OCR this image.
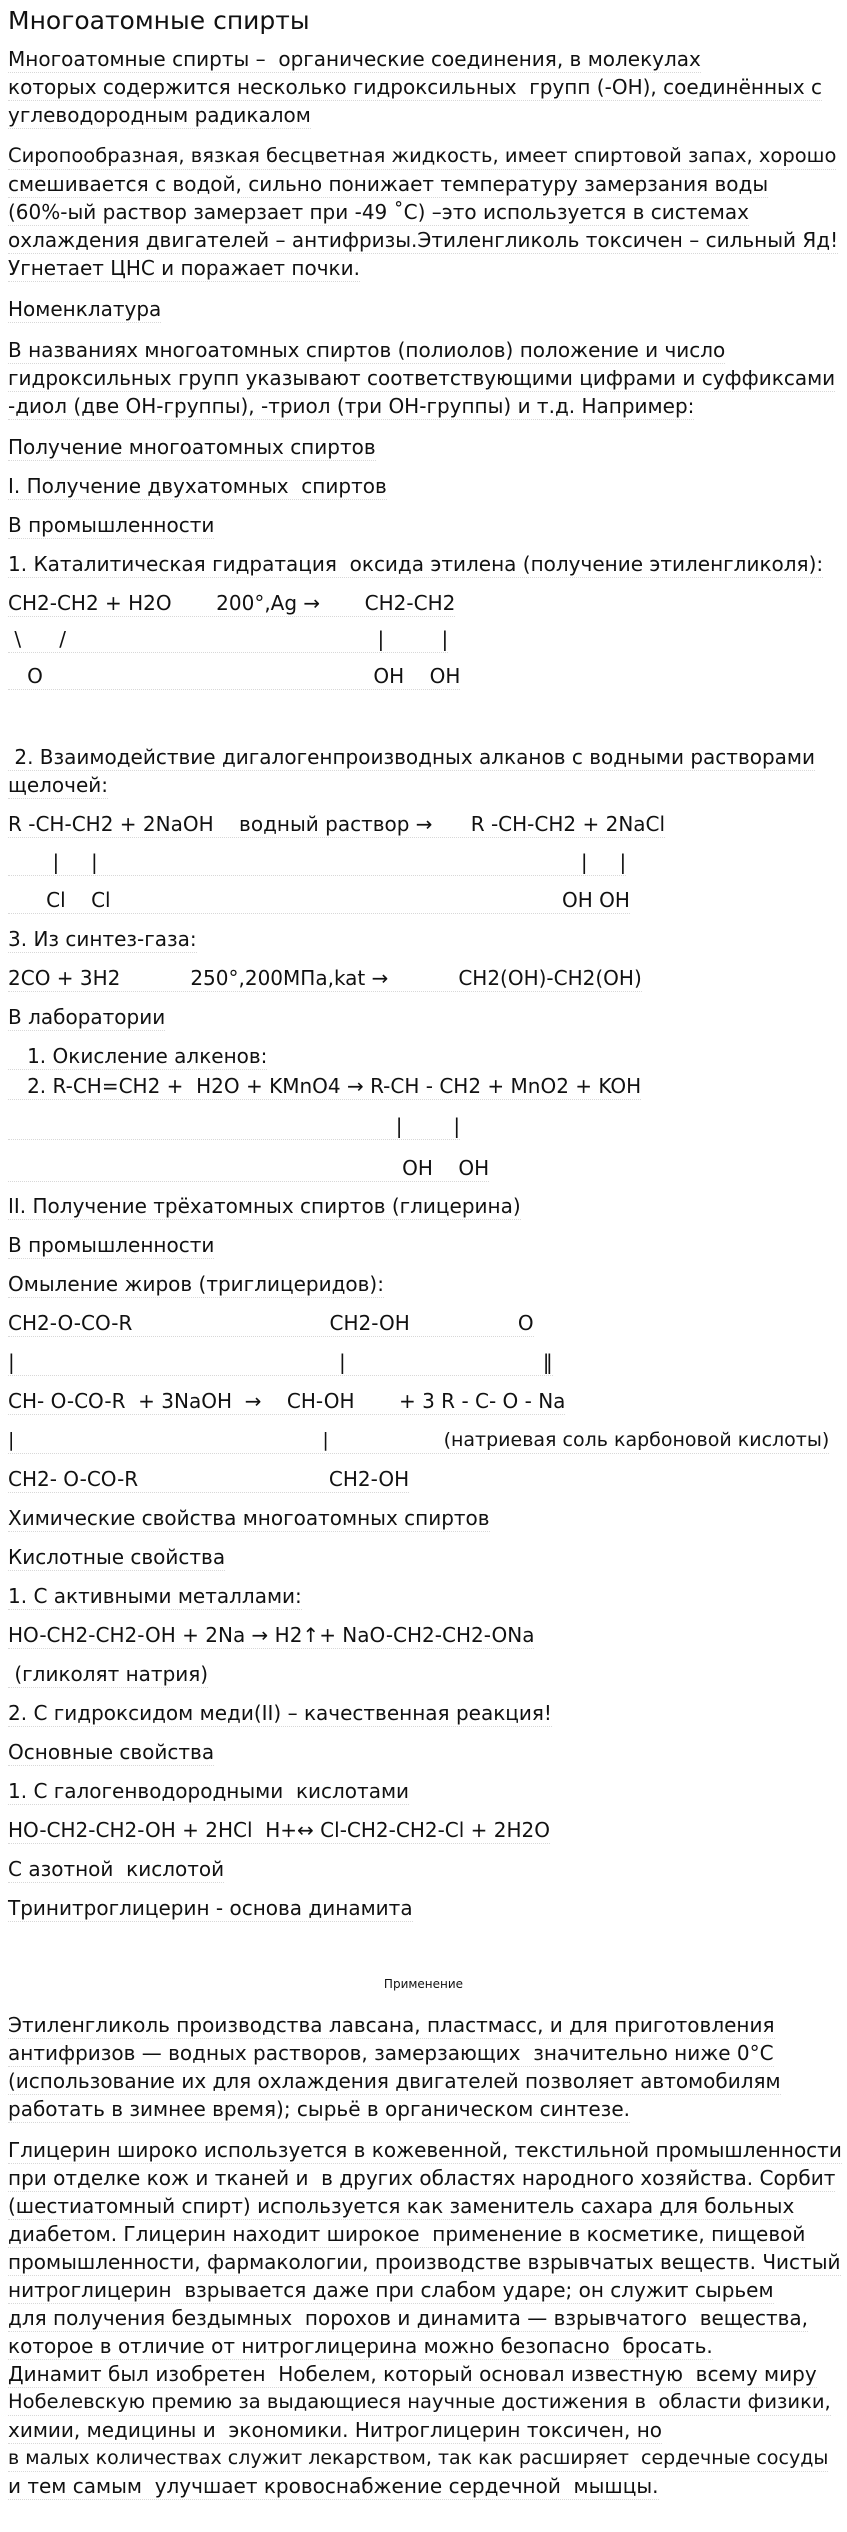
Многоатомные спирты
Многоатомные спирты –  органические соединения, в молекулах
которых содержится несколько гидроксильных  групп (-ОН), соединённых с
углеводородным радикалом
Сиропообразная, вязкая бесцветная жидкость, имеет спиртовой запах, хорошо
смешивается с водой, сильно понижает температуру замерзания воды
(60%-ый раствор замерзает при -49 ˚С) –это используется в системах
охлаждения двигателей – антифризы.Этиленгликоль токсичен – сильный Яд!
Угнетает ЦНС и поражает почки.
Номенклатура
В названиях многоатомных спиртов (полиолов) положение и число
гидроксильных групп указывают соответствующими цифрами и суффиксами
-диол (две ОН-группы), -триол (три OН-группы) и т.д. Например:
Получение многоатомных спиртов
I. Получение двухатомных  спиртов
В промышленности
1. Каталитическая гидратация  оксида этилена (получение этиленгликоля):
CH2-CH2 + H2O       200°,Ag →       CH2-CH2
\      /                                                 |         |
O                                                    OH    OH
2. Взаимодействие дигалогенпроизводных алканов с водными растворами
щелочей:
R -CH-CH2 + 2NaOH    водный раствор →      R -CH-CH2 + 2NaCl
|     |                                                                            |     |
Cl    Cl                                                                       OH OH
3. Из синтез-газа:
2CO + 3H2           250°,200МПа,kat →           CH2(OH)-CH2(OH)
В лаборатории
1. Окисление алкенов:
2. R-CH=CH2 +  H2O + KMnO4 → R-CH - CH2 + MnO2 + KOH
|        |
OH    OH
II. Получение трёхатомных спиртов (глицерина)
В промышленности
Омыление жиров (триглицеридов):
CH2-O-CO-R                               CH2-OH                 O
|                                                   |                               ‖
CH- O-CO-R  + 3NaOH  →    CH-OH       + 3 R - C- O - Na
|                                                   |                   (натриевая соль карбоновой кислоты)
CH2- O-CO-R                              CH2-OH
Химические свойства многоатомных спиртов
Кислотные свойства
1. С активными металлами:
HO-CH2-CH2-OH + 2Na → H2↑+ NaO-CH2-CH2-ONa
(гликолят натрия)
2. С гидроксидом меди(II) – качественная реакция!
Основные свойства
1. С галогенводородными  кислотами
HO-CH2-CH2-OH + 2HCl  H+↔ Cl-CH2-CH2-Cl + 2H2O
С азотной  кислотой
Тринитроглицерин - основа динамита
Применение
Этиленгликоль производства лавсана, пластмасс, и для приготовления
антифризов — водных растворов, замерзающих  значительно ниже 0°C
(использование их для охлаждения двигателей позволяет автомобилям
работать в зимнее время); сырьё в органическом синтезе.
Глицерин широко используется в кожевенной, текстильной промышленности
при отделке кож и тканей и  в других областях народного хозяйства. Сорбит
(шестиатомный спирт) используется как заменитель сахара для больных
диабетом. Глицерин находит широкое  применение в косметике, пищевой
промышленности, фармакологии, производстве взрывчатых веществ. Чистый
нитроглицерин  взрывается даже при слабом ударе; он служит сырьем
для получения бездымных  порохов и динамита — взрывчатого  вещества,
которое в отличие от нитроглицерина можно безопасно  бросать.
Динамит был изобретен  Нобелем, который основал известную  всему миру
Нобелевскую премию за выдающиеся научные достижения в  области физики,
химии, медицины и  экономики. Нитроглицерин токсичен, но
в малых количествах служит лекарством, так как расширяет  сердечные сосуды
и тем самым  улучшает кровоснабжение сердечной  мышцы.
